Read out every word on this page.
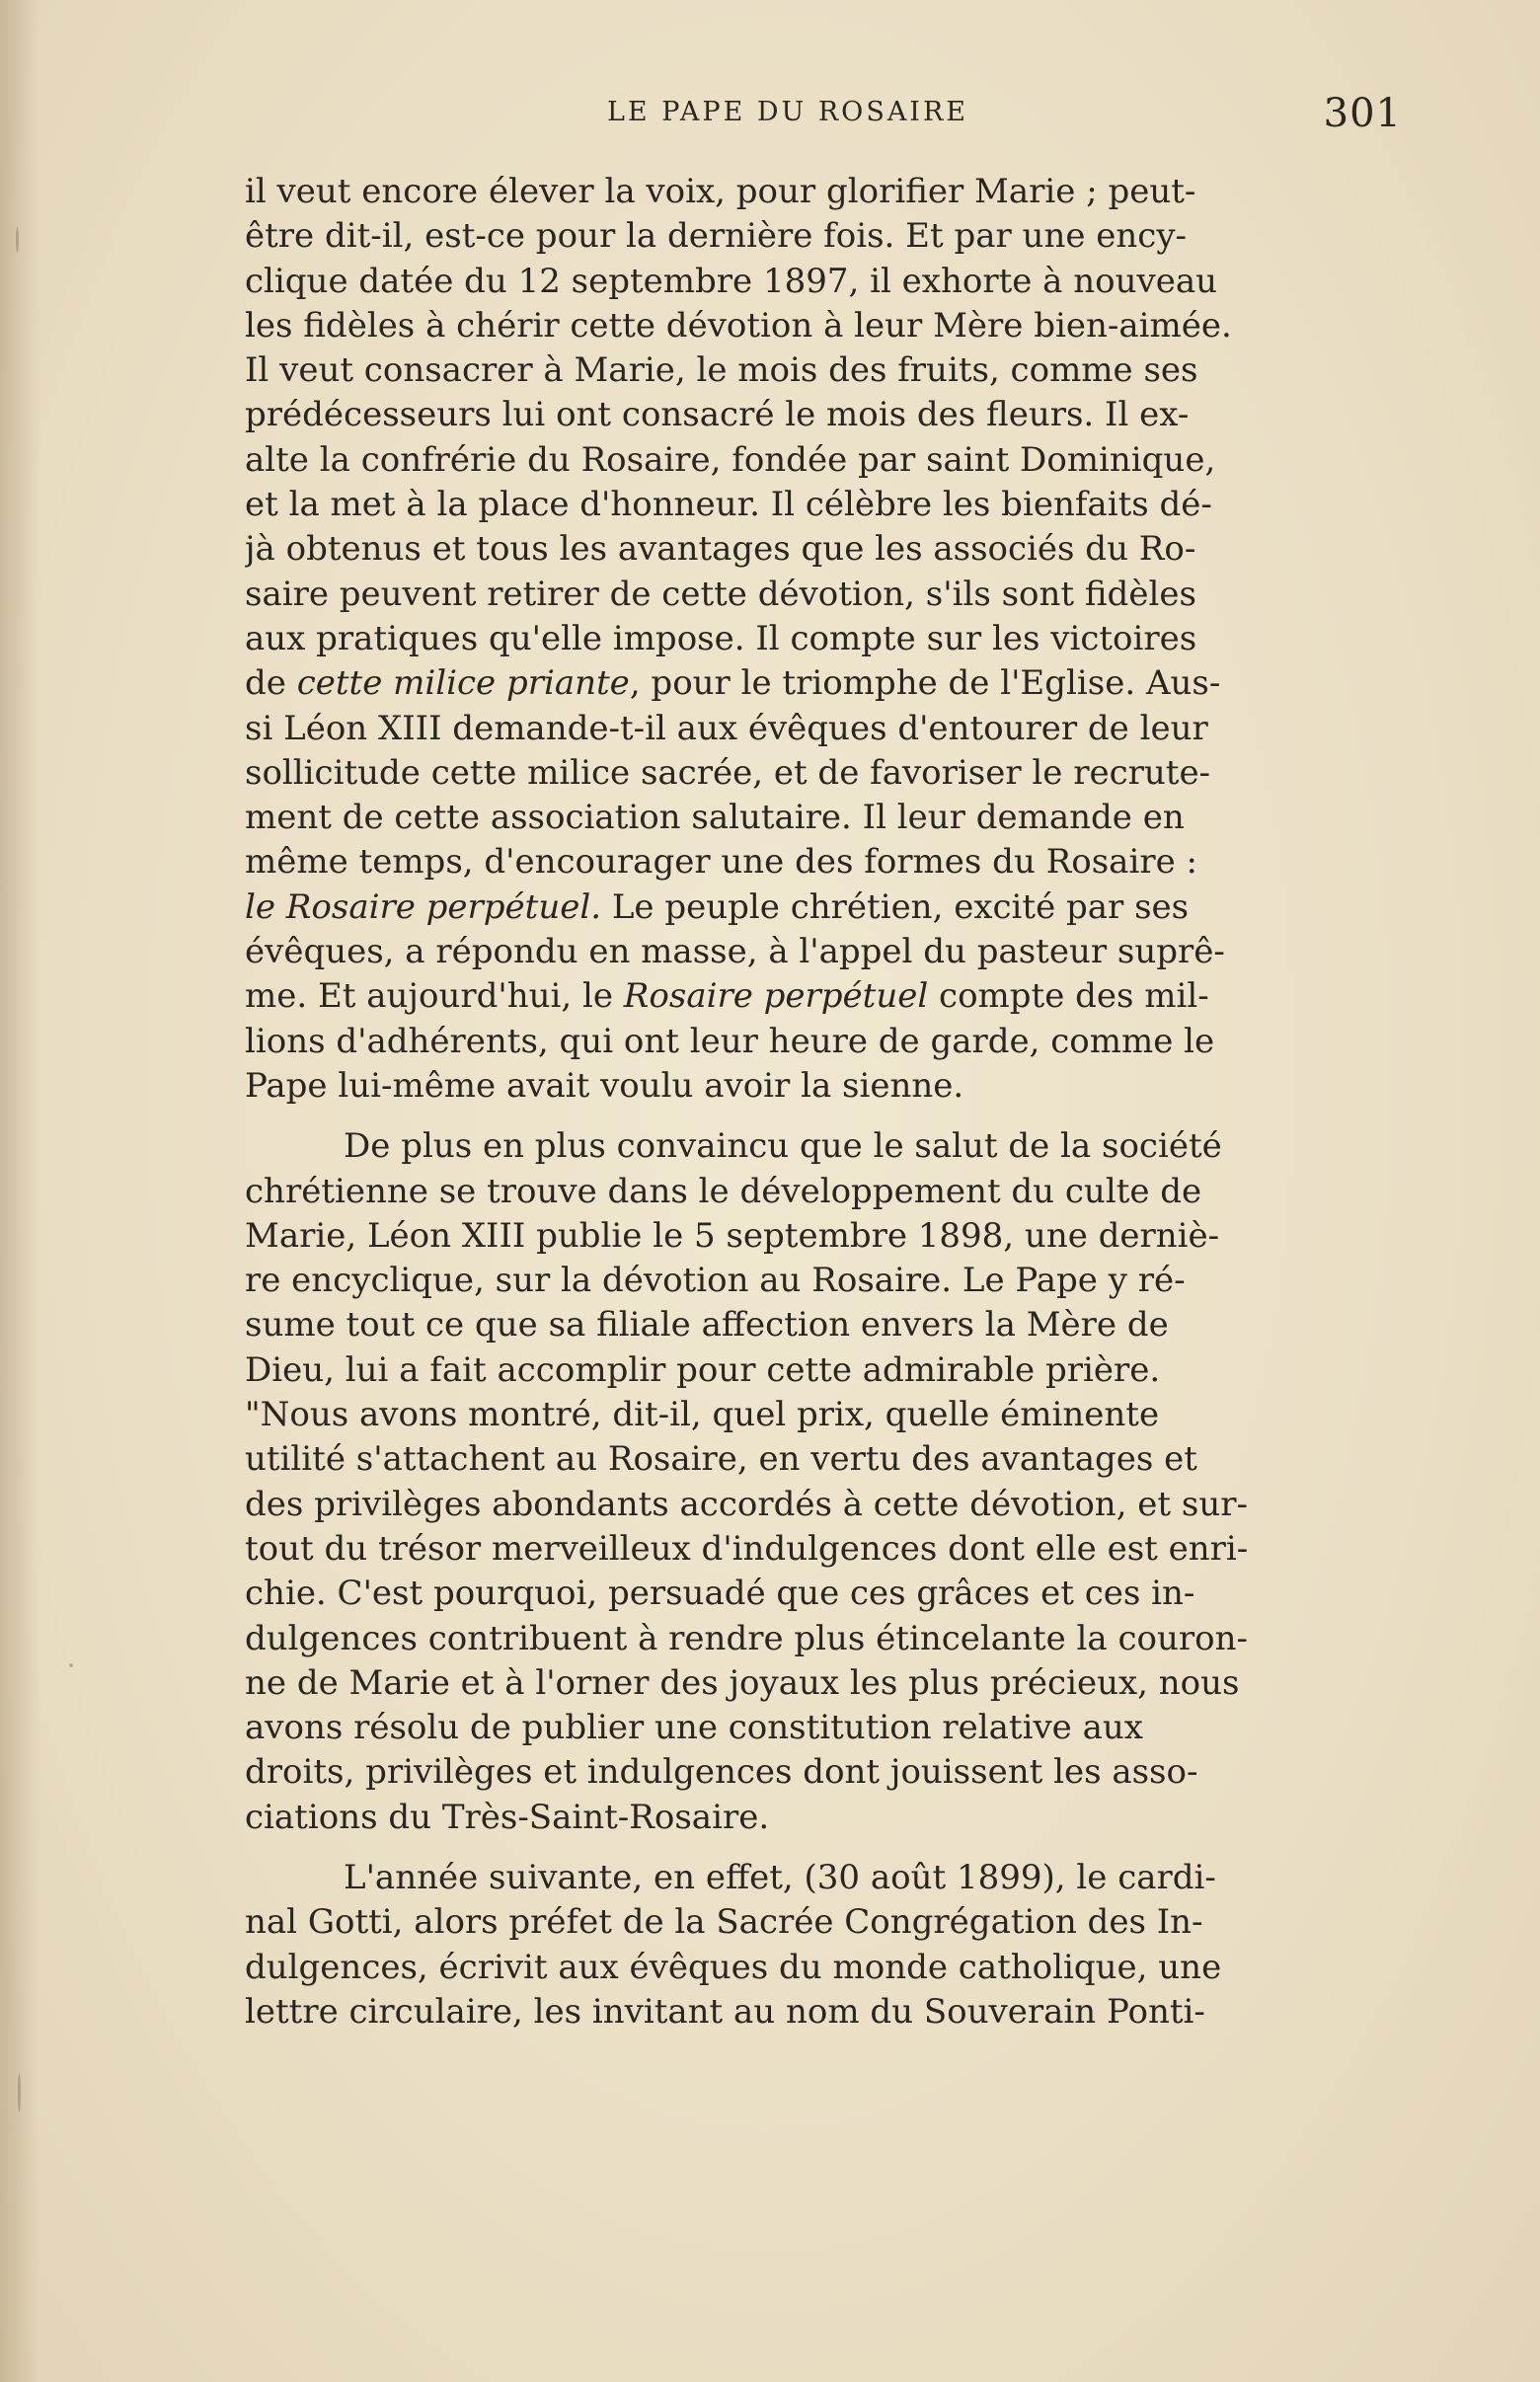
LE PAPE DU ROSAIRE	301
il veut encore élever la voix, pour glorifier Marie ; peut-
être dit-il, est-ce pour la dernière fois. Et par une ency-
clique datée du 12 septembre 1897, il exhorte à nouveau
les fidèles à chérir cette dévotion à leur Mère bien-aimée.
Il veut consacrer à Marie, le mois des fruits, comme ses
prédécesseurs lui ont consacré le mois des fleurs. Il ex-
alte la confrérie du Rosaire, fondée par saint Dominique,
et la met à la place d'honneur. Il célèbre les bienfaits dé-
jà obtenus et tous les avantages que les associés du Ro-
saire peuvent retirer de cette dévotion, s'ils sont fidèles
aux pratiques qu'elle impose. Il compte sur les victoires
de cette milice priante, pour le triomphe de l'Eglise. Aus-
si Léon XIII demande-t-il aux évêques d'entourer de leur
sollicitude cette milice sacrée, et de favoriser le recrute-
ment de cette association salutaire. Il leur demande en
même temps, d'encourager une des formes du Rosaire :
le Rosaire perpétuel. Le peuple chrétien, excité par ses
évêques, a répondu en masse, à l'appel du pasteur suprê-
me. Et aujourd'hui, le Rosaire perpétuel compte des mil-
lions d'adhérents, qui ont leur heure de garde, comme le
Pape lui-même avait voulu avoir la sienne.
De plus en plus convaincu que le salut de la société
chrétienne se trouve dans le développement du culte de
Marie, Léon XIII publie le 5 septembre 1898, une derniè-
re encyclique, sur la dévotion au Rosaire. Le Pape y ré-
sume tout ce que sa filiale affection envers la Mère de
Dieu, lui a fait accomplir pour cette admirable prière.
"Nous avons montré, dit-il, quel prix, quelle éminente
utilité s'attachent au Rosaire, en vertu des avantages et
des privilèges abondants accordés à cette dévotion, et sur-
tout du trésor merveilleux d'indulgences dont elle est enri-
chie. C'est pourquoi, persuadé que ces grâces et ces in-
dulgences contribuent à rendre plus étincelante la couron-
ne de Marie et à l'orner des joyaux les plus précieux, nous
avons résolu de publier une constitution relative aux
droits, privilèges et indulgences dont jouissent les asso-
ciations du Très-Saint-Rosaire.
L'année suivante, en effet, (30 août 1899), le cardi-
nal Gotti, alors préfet de la Sacrée Congrégation des In-
dulgences, écrivit aux évêques du monde catholique, une
lettre circulaire, les invitant au nom du Souverain Ponti-
